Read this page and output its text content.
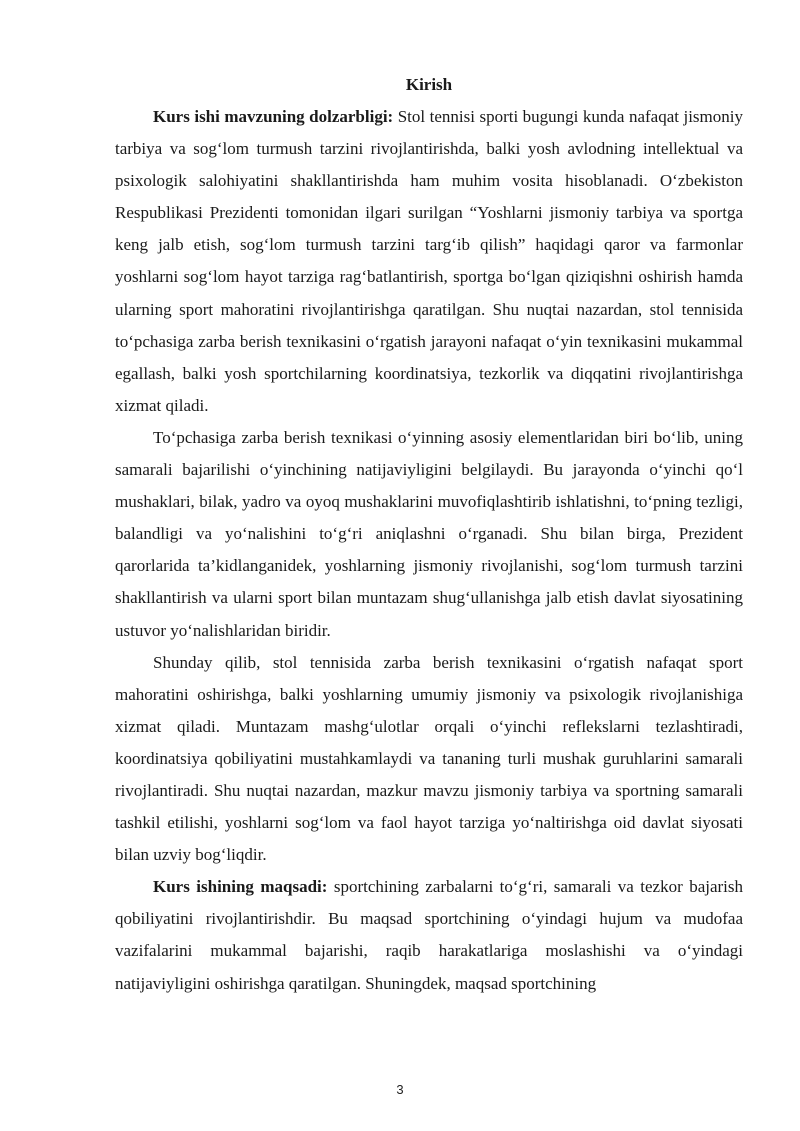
Kirish

Kurs ishi mavzuning dolzarbligi: Stol tennisi sporti bugungi kunda nafaqat jismoniy tarbiya va sog‘lom turmush tarzini rivojlantirishda, balki yosh avlodning intellektual va psixologik salohiyatini shakllantirishda ham muhim vosita hisoblanadi. O‘zbekiston Respublikasi Prezidenti tomonidan ilgari surilgan “Yoshlarni jismoniy tarbiya va sportga keng jalb etish, sog‘lom turmush tarzini targ‘ib qilish” haqidagi qaror va farmonlar yoshlarni sog‘lom hayot tarziga rag‘batlantirish, sportga bo‘lgan qiziqishni oshirish hamda ularning sport mahoratini rivojlantirishga qaratilgan. Shu nuqtai nazardan, stol tennisida to‘pchasiga zarba berish texnikasini o‘rgatish jarayoni nafaqat o‘yin texnikasini mukammal egallash, balki yosh sportchilarning koordinatsiya, tezkorlik va diqqatini rivojlantirishga xizmat qiladi.

To‘pchasiga zarba berish texnikasi o‘yinning asosiy elementlaridan biri bo‘lib, uning samarali bajarilishi o‘yinchining natijaviyligini belgilaydi. Bu jarayonda o‘yinchi qo‘l mushaklari, bilak, yadro va oyoq mushaklarini muvofiqlashtirib ishlatishni, to‘pning tezligi, balandligi va yo‘nalishini to‘g‘ri aniqlashni o‘rganadi. Shu bilan birga, Prezident qarorlarida ta’kidlanganidek, yoshlarning jismoniy rivojlanishi, sog‘lom turmush tarzini shakllantirish va ularni sport bilan muntazam shug‘ullanishga jalb etish davlat siyosatining ustuvor yo‘nalishlaridan biridir.

Shunday qilib, stol tennisida zarba berish texnikasini o‘rgatish nafaqat sport mahoratini oshirishga, balki yoshlarning umumiy jismoniy va psixologik rivojlanishiga xizmat qiladi. Muntazam mashg‘ulotlar orqali o‘yinchi reflekslarni tezlashtiradi, koordinatsiya qobiliyatini mustahkamlaydi va tananing turli mushak guruhlarini samarali rivojlantiradi. Shu nuqtai nazardan, mazkur mavzu jismoniy tarbiya va sportning samarali tashkil etilishi, yoshlarni sog‘lom va faol hayot tarziga yo‘naltirishga oid davlat siyosati bilan uzviy bog‘liqdir.

Kurs ishining maqsadi: sportchining zarbalarni to‘g‘ri, samarali va tezkor bajarish qobiliyatini rivojlantirishdir. Bu maqsad sportchining o‘yindagi hujum va mudofaa vazifalarini mukammal bajarishi, raqib harakatlariga moslashishi va o‘yindagi natijaviyligini oshirishga qaratilgan. Shuningdek, maqsad sportchining

3
